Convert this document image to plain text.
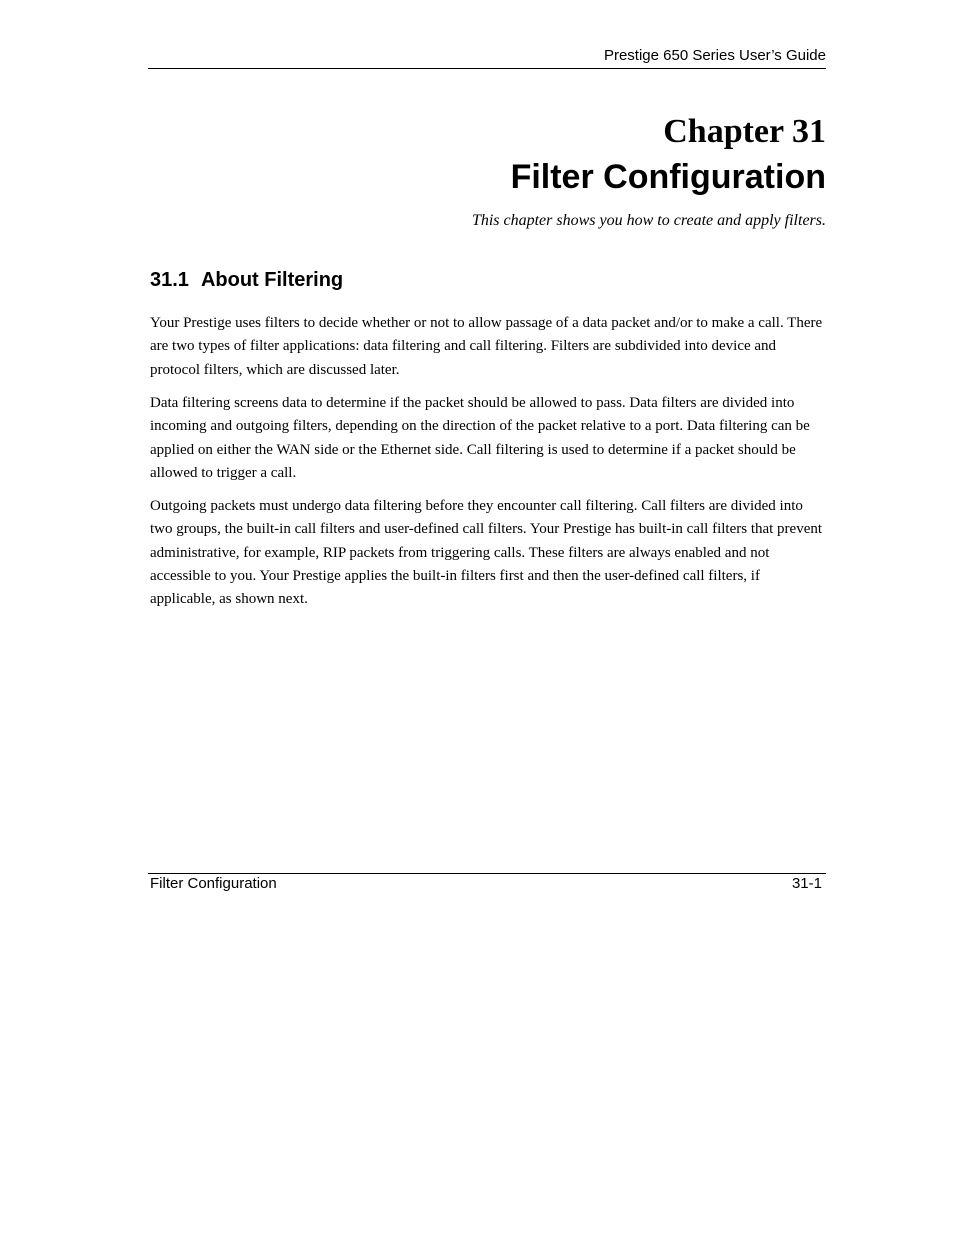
Prestige 650 Series User’s Guide
Chapter 31
Filter Configuration
This chapter shows you how to create and apply filters.
31.1 About Filtering

Your Prestige uses filters to decide whether or not to allow passage of a data packet and/or to make a call. There are two types of filter applications: data filtering and call filtering. Filters are subdivided into device and protocol filters, which are discussed later.

Data filtering screens data to determine if the packet should be allowed to pass. Data filters are divided into incoming and outgoing filters, depending on the direction of the packet relative to a port. Data filtering can be applied on either the WAN side or the Ethernet side. Call filtering is used to determine if a packet should be allowed to trigger a call.

Outgoing packets must undergo data filtering before they encounter call filtering. Call filters are divided into two groups, the built-in call filters and user-defined call filters. Your Prestige has built-in call filters that prevent administrative, for example, RIP packets from triggering calls. These filters are always enabled and not accessible to you. Your Prestige applies the built-in filters first and then the user-defined call filters, if applicable, as shown next.

Filter Configuration	31-1
